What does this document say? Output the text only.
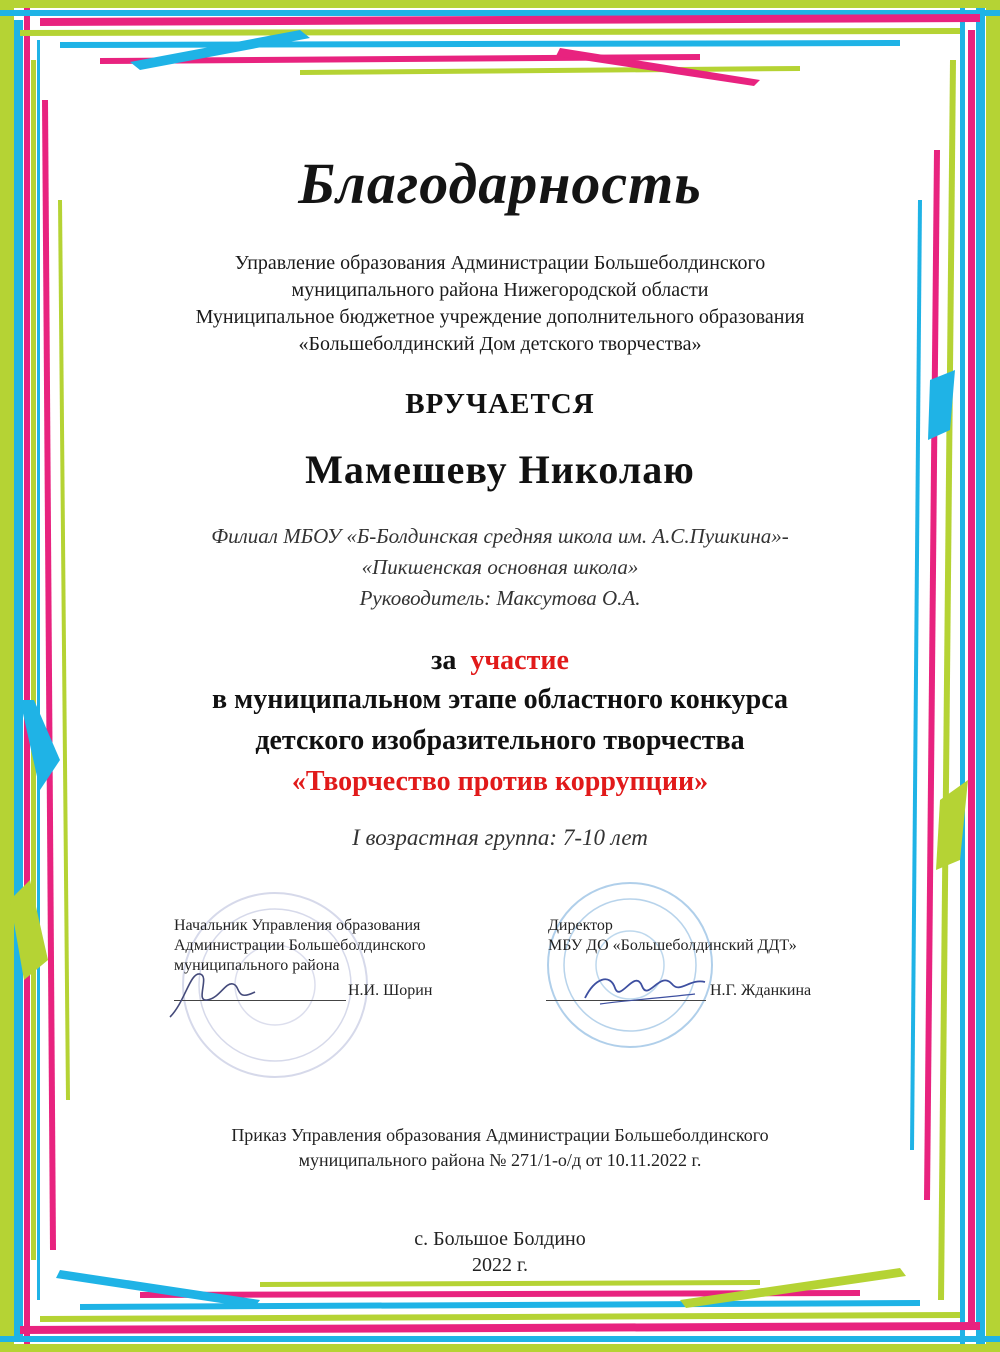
Благодарность
Управление образования Администрации Большеболдинского
муниципального района Нижегородской области
Муниципальное бюджетное учреждение дополнительного образования
«Большеболдинский Дом детского творчества»
ВРУЧАЕТСЯ
Мамешеву Николаю
Филиал МБОУ «Б-Болдинская средняя школа им. А.С.Пушкина»-
«Пикшенская основная школа»
Руководитель: Максутова О.А.
за участие
в муниципальном этапе областного конкурса
детского изобразительного творчества
«Творчество против коррупции»
I возрастная группа: 7-10 лет
Начальник Управления образования
Администрации Большеболдинского
муниципального района
Н.И. Шорин
Директор
МБУ ДО «Большеболдинский ДДТ»
Н.Г. Жданкина
Приказ Управления образования Администрации Большеболдинского
муниципального района № 271/1-о/д от 10.11.2022 г.
с. Большое Болдино
2022 г.
